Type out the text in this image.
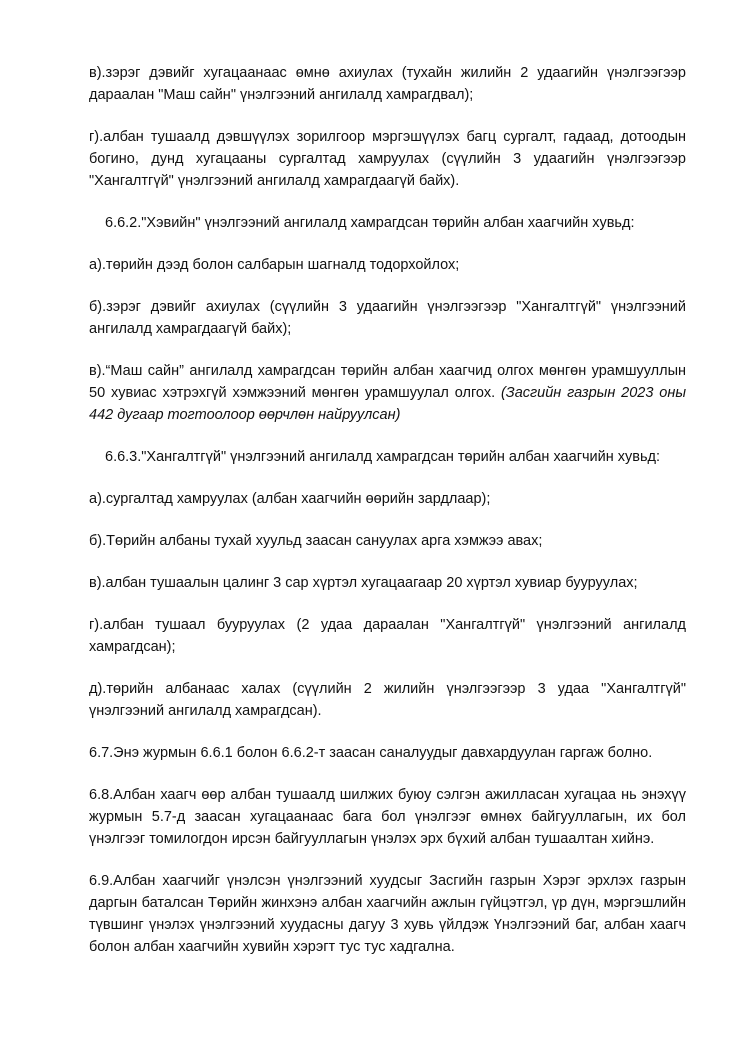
в).зэрэг дэвийг хугацаанаас өмнө ахиулах (тухайн жилийн 2 удаагийн үнэлгээгээр дараалан "Маш сайн" үнэлгээний ангилалд хамрагдвал);

г).албан тушаалд дэвшүүлэх зорилгоор мэргэшүүлэх багц сургалт, гадаад, дотоодын богино, дунд хугацааны сургалтад хамруулах (сүүлийн 3 удаагийн үнэлгээгээр "Хангалтгүй" үнэлгээний ангилалд хамрагдаагүй байх).

6.6.2."Хэвийн" үнэлгээний ангилалд хамрагдсан төрийн албан хаагчийн хувьд:

а).төрийн дээд болон салбарын шагналд тодорхойлох;

б).зэрэг дэвийг ахиулах (сүүлийн 3 удаагийн үнэлгээгээр "Хангалтгүй" үнэлгээний ангилалд хамрагдаагүй байх);

в).“Маш сайн” ангилалд хамрагдсан төрийн албан хаагчид олгох мөнгөн урамшууллын 50 хувиас хэтрэхгүй хэмжээний мөнгөн урамшуулал олгох. (Засгийн газрын 2023 оны 442 дугаар тогтоолоор өөрчлөн найруулсан)

6.6.3."Хангалтгүй" үнэлгээний ангилалд хамрагдсан төрийн албан хаагчийн хувьд:

а).сургалтад хамруулах (албан хаагчийн өөрийн зардлаар);

б).Төрийн албаны тухай хуульд заасан сануулах арга хэмжээ авах;

в).албан тушаалын цалинг 3 сар хүртэл хугацаагаар 20 хүртэл хувиар бууруулах;

г).албан тушаал бууруулах (2 удаа дараалан "Хангалтгүй" үнэлгээний ангилалд хамрагдсан);

д).төрийн албанаас халах (сүүлийн 2 жилийн үнэлгээгээр 3 удаа "Хангалтгүй" үнэлгээний ангилалд хамрагдсан).

6.7.Энэ журмын 6.6.1 болон 6.6.2-т заасан саналуудыг давхардуулан гаргаж болно.

6.8.Албан хаагч өөр албан тушаалд шилжих буюу сэлгэн ажилласан хугацаа нь энэхүү журмын 5.7-д заасан хугацаанаас бага бол үнэлгээг өмнөх байгууллагын, их бол үнэлгээг томилогдон ирсэн байгууллагын үнэлэх эрх бүхий албан тушаалтан хийнэ.

6.9.Албан хаагчийг үнэлсэн үнэлгээний хуудсыг Засгийн газрын Хэрэг эрхлэх газрын даргын баталсан Төрийн жинхэнэ албан хаагчийн ажлын гүйцэтгэл, үр дүн, мэргэшлийн түвшинг үнэлэх үнэлгээний хуудасны дагуу 3 хувь үйлдэж Үнэлгээний баг, албан хаагч болон албан хаагчийн хувийн хэрэгт тус тус хадгална.
